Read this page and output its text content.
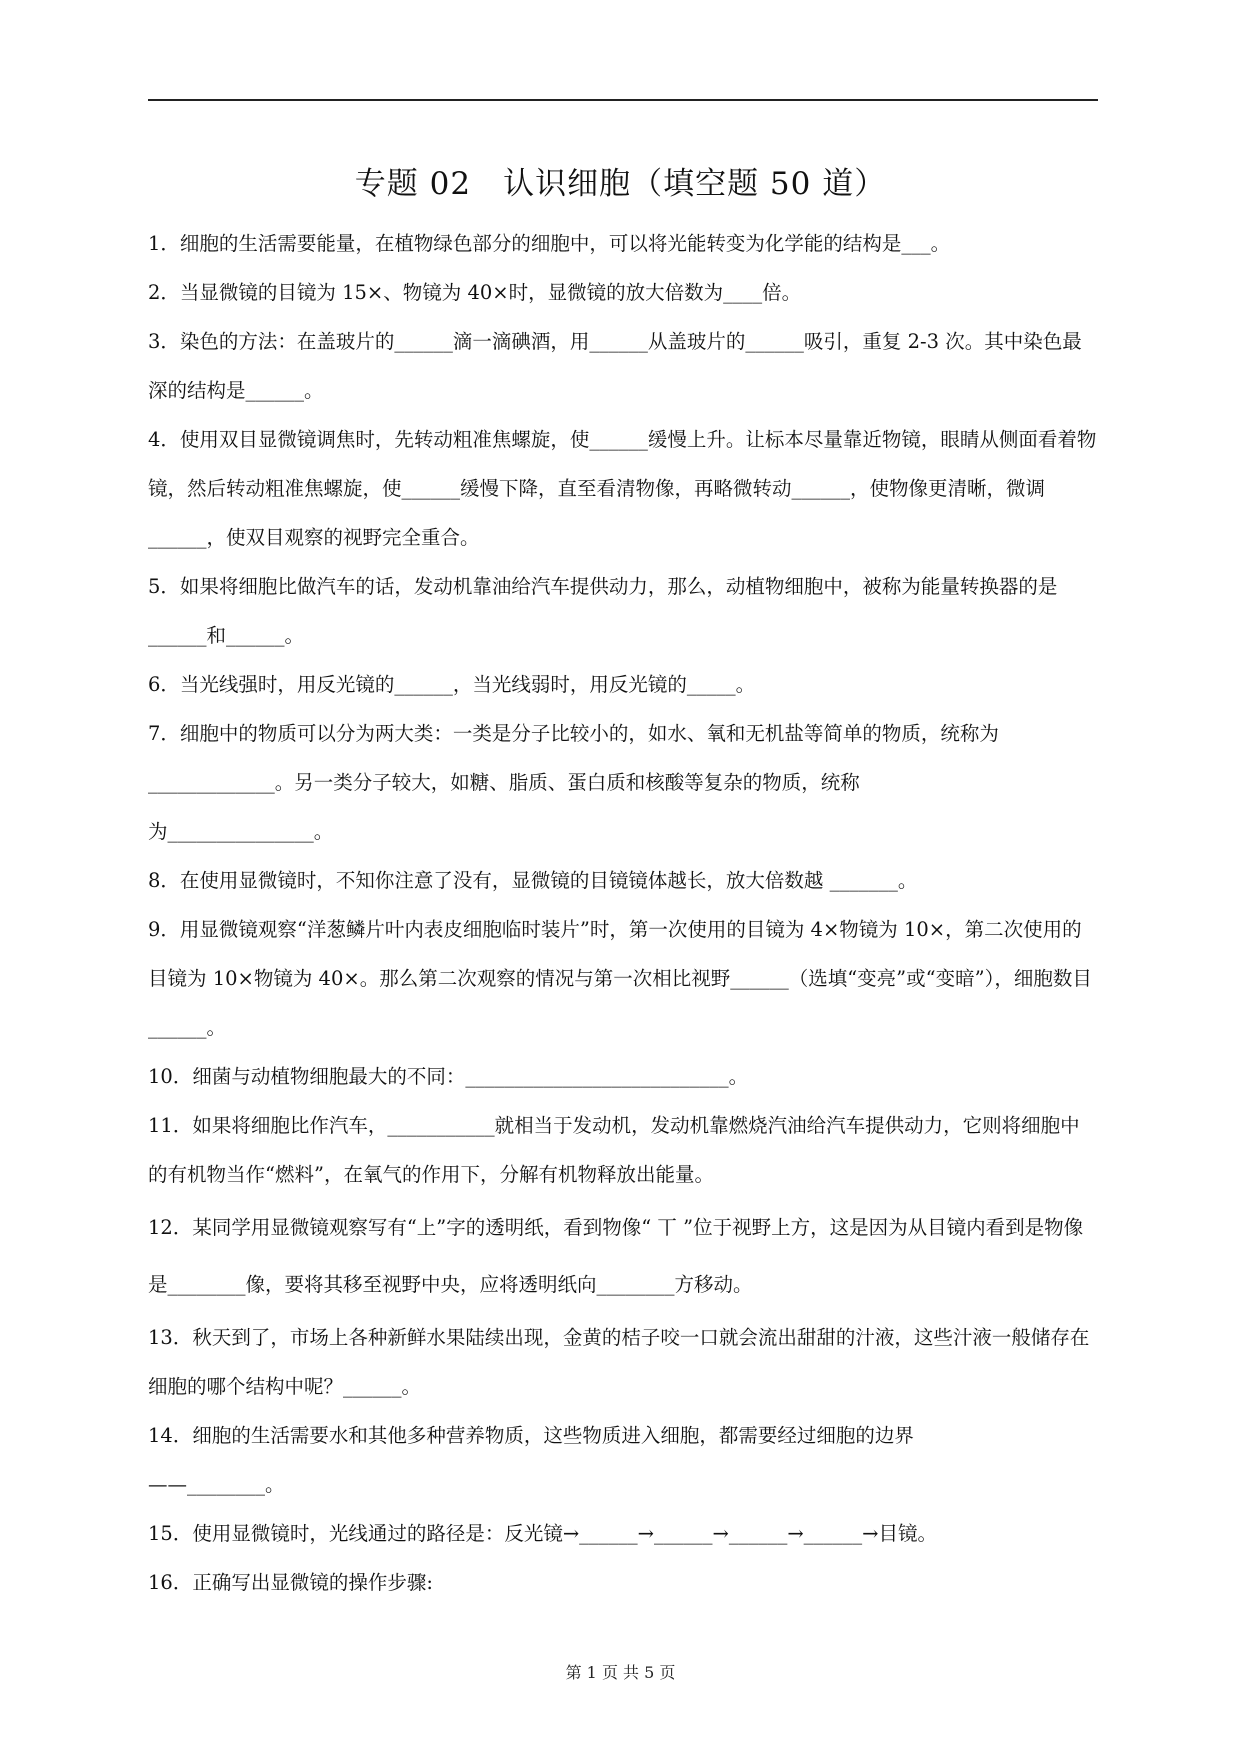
专题 02　认识细胞（填空题 50 道）

1．细胞的生活需要能量，在植物绿色部分的细胞中，可以将光能转变为化学能的结构是___。

2．当显微镜的目镜为 15×、物镜为 40×时，显微镜的放大倍数为____倍。

3．染色的方法：在盖玻片的______滴一滴碘酒，用______从盖玻片的______吸引，重复 2-3 次。其中染色最深的结构是______。

4．使用双目显微镜调焦时，先转动粗准焦螺旋，使______缓慢上升。让标本尽量靠近物镜，眼睛从侧面看着物镜，然后转动粗准焦螺旋，使______缓慢下降，直至看清物像，再略微转动______，使物像更清晰，微调______，使双目观察的视野完全重合。

5．如果将细胞比做汽车的话，发动机靠油给汽车提供动力，那么，动植物细胞中，被称为能量转换器的是______和______。

6．当光线强时，用反光镜的______，当光线弱时，用反光镜的_____。

7．细胞中的物质可以分为两大类：一类是分子比较小的，如水、氧和无机盐等简单的物质，统称为_____________。另一类分子较大，如糖、脂质、蛋白质和核酸等复杂的物质，统称
为_______________。

8．在使用显微镜时，不知你注意了没有，显微镜的目镜镜体越长，放大倍数越 _______。

9．用显微镜观察“洋葱鳞片叶内表皮细胞临时装片”时，第一次使用的目镜为 4×物镜为 10×，第二次使用的目镜为 10×物镜为 40×。那么第二次观察的情况与第一次相比视野______（选填“变亮”或“变暗”），细胞数目______。

10．细菌与动植物细胞最大的不同：___________________________。

11．如果将细胞比作汽车，___________就相当于发动机，发动机靠燃烧汽油给汽车提供动力，它则将细胞中的有机物当作“燃料”，在氧气的作用下，分解有机物释放出能量。

12．某同学用显微镜观察写有“上”字的透明纸，看到物像“ 丅 ”位于视野上方，这是因为从目镜内看到是物像是________像，要将其移至视野中央，应将透明纸向________方移动。

13．秋天到了，市场上各种新鲜水果陆续出现，金黄的桔子咬一口就会流出甜甜的汁液，这些汁液一般储存在细胞的哪个结构中呢？______。

14．细胞的生活需要水和其他多种营养物质，这些物质进入细胞，都需要经过细胞的边界
——________。

15．使用显微镜时，光线通过的路径是：反光镜→______→______→______→______→目镜。

16．正确写出显微镜的操作步骤:

第 1 页 共 5 页
